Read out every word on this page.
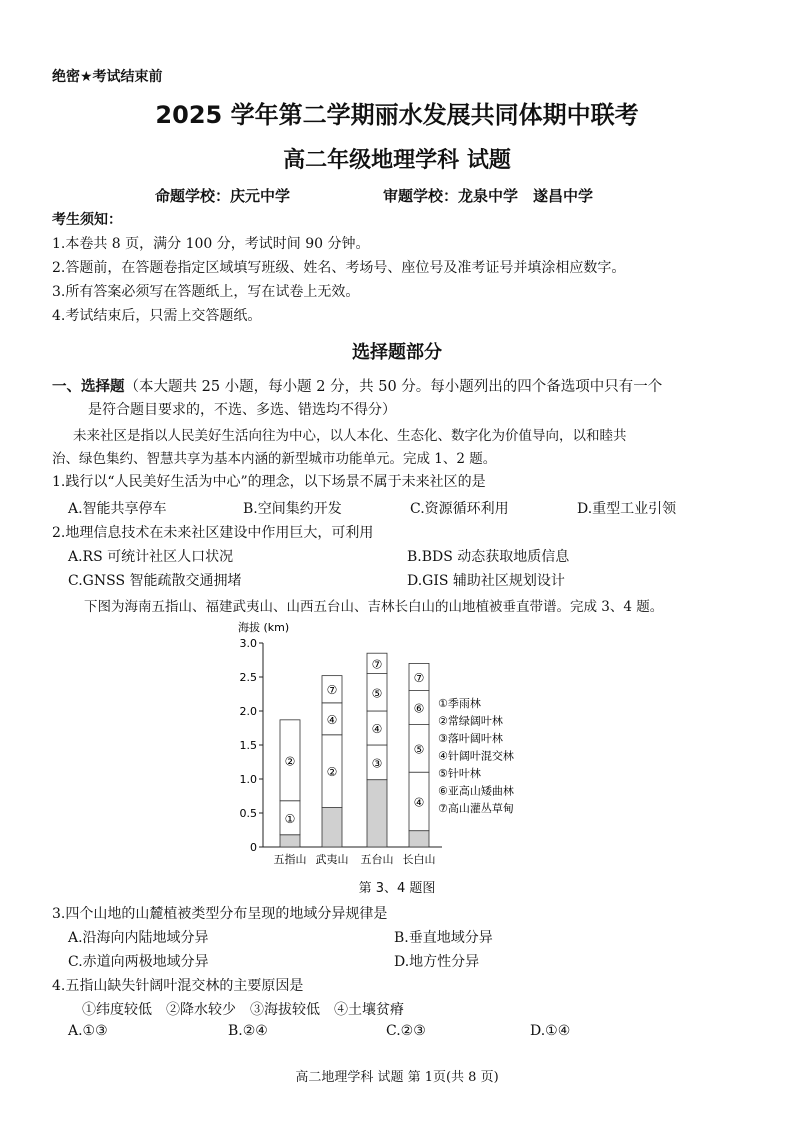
绝密★考试结束前
2025 学年第二学期丽水发展共同体期中联考
高二年级地理学科 试题
命题学校：庆元中学	审题学校：龙泉中学　遂昌中学
考生须知：
1.本卷共 8 页，满分 100 分，考试时间 90 分钟。
2.答题前，在答题卷指定区域填写班级、姓名、考场号、座位号及准考证号并填涂相应数字。
3.所有答案必须写在答题纸上，写在试卷上无效。
4.考试结束后，只需上交答题纸。
选择题部分
一、选择题（本大题共 25 小题，每小题 2 分，共 50 分。每小题列出的四个备选项中只有一个
是符合题目要求的，不选、多选、错选均不得分）
未来社区是指以人民美好生活向往为中心，以人本化、生态化、数字化为价值导向，以和睦共
治、绿色集约、智慧共享为基本内涵的新型城市功能单元。完成 1、2 题。
1.践行以“人民美好生活为中心”的理念，以下场景不属于未来社区的是
A.智能共享停车	B.空间集约开发	C.资源循环利用	D.重型工业引领
2.地理信息技术在未来社区建设中作用巨大，可利用
A.RS 可统计社区人口状况	B.BDS 动态获取地质信息
C.GNSS 智能疏散交通拥堵	D.GIS 辅助社区规划设计
下图为海南五指山、福建武夷山、山西五台山、吉林长白山的山地植被垂直带谱。完成 3、4 题。
海拔 (km)
0
0.5
1.0
1.5
2.0
2.5
3.0
①
②
五指山
②
④
⑦
武夷山
③
④
⑤
⑦
五台山
④
⑤
⑥
⑦
长白山
①季雨林
②常绿阔叶林
③落叶阔叶林
④针阔叶混交林
⑤针叶林
⑥亚高山矮曲林
⑦高山灌丛草甸
第 3、4 题图
3.四个山地的山麓植被类型分布呈现的地域分异规律是
A.沿海向内陆地域分异	B.垂直地域分异
C.赤道向两极地域分异	D.地方性分异
4.五指山缺失针阔叶混交林的主要原因是
①纬度较低　②降水较少　③海拔较低　④土壤贫瘠
A.①③	B.②④	C.②③	D.①④
高二地理学科 试题 第 1页(共 8 页)
